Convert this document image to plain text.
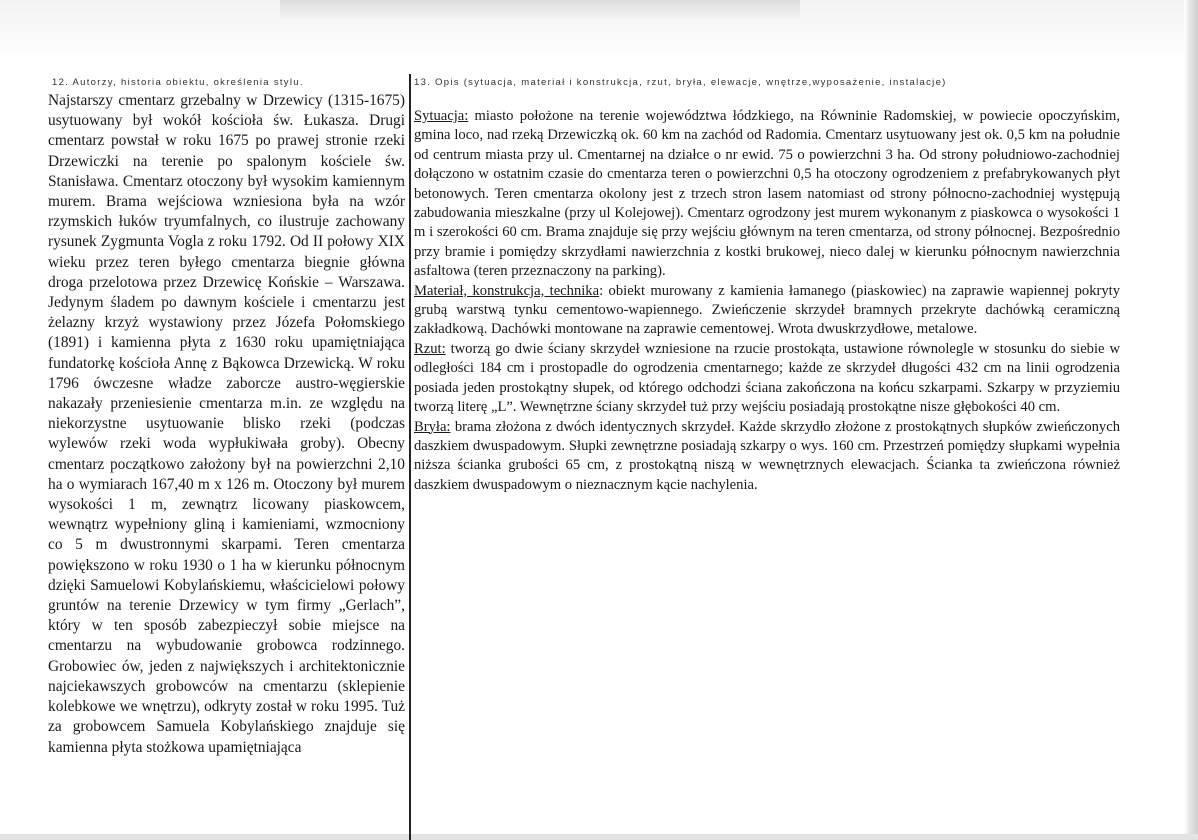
12. Autorzy, historia obiektu, określenia stylu.
Najstarszy cmentarz grzebalny w Drzewicy (1315-1675) usytuowany był wokół kościoła św. Łukasza. Drugi cmentarz powstał w roku 1675 po prawej stronie rzeki Drzewiczki na terenie po spalonym kościele św. Stanisława. Cmentarz otoczony był wysokim kamiennym murem. Brama wejściowa wzniesiona była na wzór rzymskich łuków tryumfalnych, co ilustruje zachowany rysunek Zygmunta Vogla z roku 1792. Od II połowy XIX wieku przez teren byłego cmentarza biegnie główna droga przelotowa przez Drzewicę Końskie – Warszawa. Jedynym śladem po dawnym kościele i cmentarzu jest żelazny krzyż wystawiony przez Józefa Połomskiego (1891) i kamienna płyta z 1630 roku upamiętniająca fundatorkę kościoła Annę z Bąkowca Drzewicką. W roku 1796 ówczesne władze zaborcze austro-węgierskie nakazały przeniesienie cmentarza m.in. ze względu na niekorzystne usytuowanie blisko rzeki (podczas wylewów rzeki woda wypłukiwała groby). Obecny cmentarz początkowo założony był na powierzchni 2,10 ha o wymiarach 167,40 m x 126 m. Otoczony był murem wysokości 1 m, zewnątrz licowany piaskowcem, wewnątrz wypełniony gliną i kamieniami, wzmocniony co 5 m dwustronnymi skarpami. Teren cmentarza powiększono w roku 1930 o 1 ha w kierunku północnym dzięki Samuelowi Kobylańskiemu, właścicielowi połowy gruntów na terenie Drzewicy w tym firmy „Gerlach”, który w ten sposób zabezpieczył sobie miejsce na cmentarzu na wybudowanie grobowca rodzinnego. Grobowiec ów, jeden z największych i architektonicznie najciekawszych grobowców na cmentarzu (sklepienie kolebkowe we wnętrzu), odkryty został w roku 1995. Tuż za grobowcem Samuela Kobylańskiego znajduje się kamienna płyta stożkowa upamiętniająca
13. Opis (sytuacja, materiał i konstrukcja, rzut, bryła, elewacje, wnętrze,wyposażenie, instalacje)
Sytuacja: miasto położone na terenie województwa łódzkiego, na Równinie Radomskiej, w powiecie opoczyńskim, gmina loco, nad rzeką Drzewiczką ok. 60 km na zachód od Radomia. Cmentarz usytuowany jest ok. 0,5 km na południe od centrum miasta przy ul. Cmentarnej na działce o nr ewid. 75 o powierzchni 3 ha. Od strony południowo-zachodniej dołączono w ostatnim czasie do cmentarza teren o powierzchni 0,5 ha otoczony ogrodzeniem z prefabrykowanych płyt betonowych. Teren cmentarza okolony jest z trzech stron lasem natomiast od strony północno-zachodniej występują zabudowania mieszkalne (przy ul Kolejowej). Cmentarz ogrodzony jest murem wykonanym z piaskowca o wysokości 1 m i szerokości 60 cm. Brama znajduje się przy wejściu głównym na teren cmentarza, od strony północnej. Bezpośrednio przy bramie i pomiędzy skrzydłami nawierzchnia z kostki brukowej, nieco dalej w kierunku północnym nawierzchnia asfaltowa (teren przeznaczony na parking).
Materiał, konstrukcja, technika: obiekt murowany z kamienia łamanego (piaskowiec) na zaprawie wapiennej pokryty grubą warstwą tynku cementowo-wapiennego. Zwieńczenie skrzydeł bramnych przekryte dachówką ceramiczną zakładkową. Dachówki montowane na zaprawie cementowej. Wrota dwuskrzydłowe, metalowe.
Rzut: tworzą go dwie ściany skrzydeł wzniesione na rzucie prostokąta, ustawione równolegle w stosunku do siebie w odległości 184 cm i prostopadle do ogrodzenia cmentarnego; każde ze skrzydeł długości 432 cm na linii ogrodzenia posiada jeden prostokątny słupek, od którego odchodzi ściana zakończona na końcu szkarpami. Szkarpy w przyziemiu tworzą literę „L”. Wewnętrzne ściany skrzydeł tuż przy wejściu posiadają prostokątne nisze głębokości 40 cm.
Bryła: brama złożona z dwóch identycznych skrzydeł. Każde skrzydło złożone z prostokątnych słupków zwieńczonych daszkiem dwuspadowym. Słupki zewnętrzne posiadają szkarpy o wys. 160 cm. Przestrzeń pomiędzy słupkami wypełnia niższa ścianka grubości 65 cm, z prostokątną niszą w wewnętrznych elewacjach. Ścianka ta zwieńczona również daszkiem dwuspadowym o nieznacznym kącie nachylenia.
